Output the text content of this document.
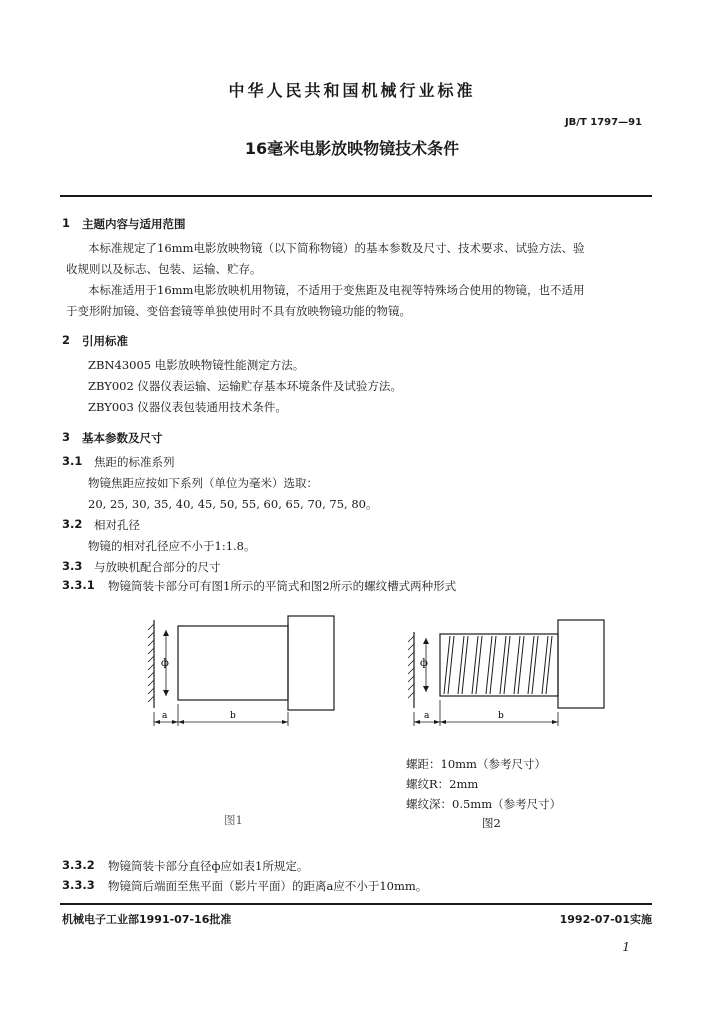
中华人民共和国机械行业标准
JB/T 1797—91
16毫米电影放映物镜技术条件
1 主题内容与适用范围
本标准规定了16mm电影放映物镜（以下简称物镜）的基本参数及尺寸、技术要求、试验方法、验
收规则以及标志、包装、运输、贮存。
本标准适用于16mm电影放映机用物镜，不适用于变焦距及电视等特殊场合使用的物镜，也不适用
于变形附加镜、变倍套镜等单独使用时不具有放映物镜功能的物镜。
2 引用标准
ZBN43005 电影放映物镜性能测定方法。
ZBY002 仪器仪表运输、运输贮存基本环境条件及试验方法。
ZBY003 仪器仪表包装通用技术条件。
3 基本参数及尺寸
3.1 焦距的标准系列
物镜焦距应按如下系列（单位为毫米）选取：
20, 25, 30, 35, 40, 45, 50, 55, 60, 65, 70, 75, 80。
3.2 相对孔径
物镜的相对孔径应不小于1:1.8。
3.3 与放映机配合部分的尺寸
3.3.1 物镜筒装卡部分可有图1所示的平筒式和图2所示的螺纹槽式两种形式
ф
a	b
图1
ф
a	b
螺距：10mm（参考尺寸）
螺纹R：2mm
螺纹深：0.5mm（参考尺寸）
图2
3.3.2 物镜筒装卡部分直径ф应如表1所规定。
3.3.3 物镜筒后端面至焦平面（影片平面）的距离a应不小于10mm。
机械电子工业部1991-07-16批准	1992-07-01实施
1
